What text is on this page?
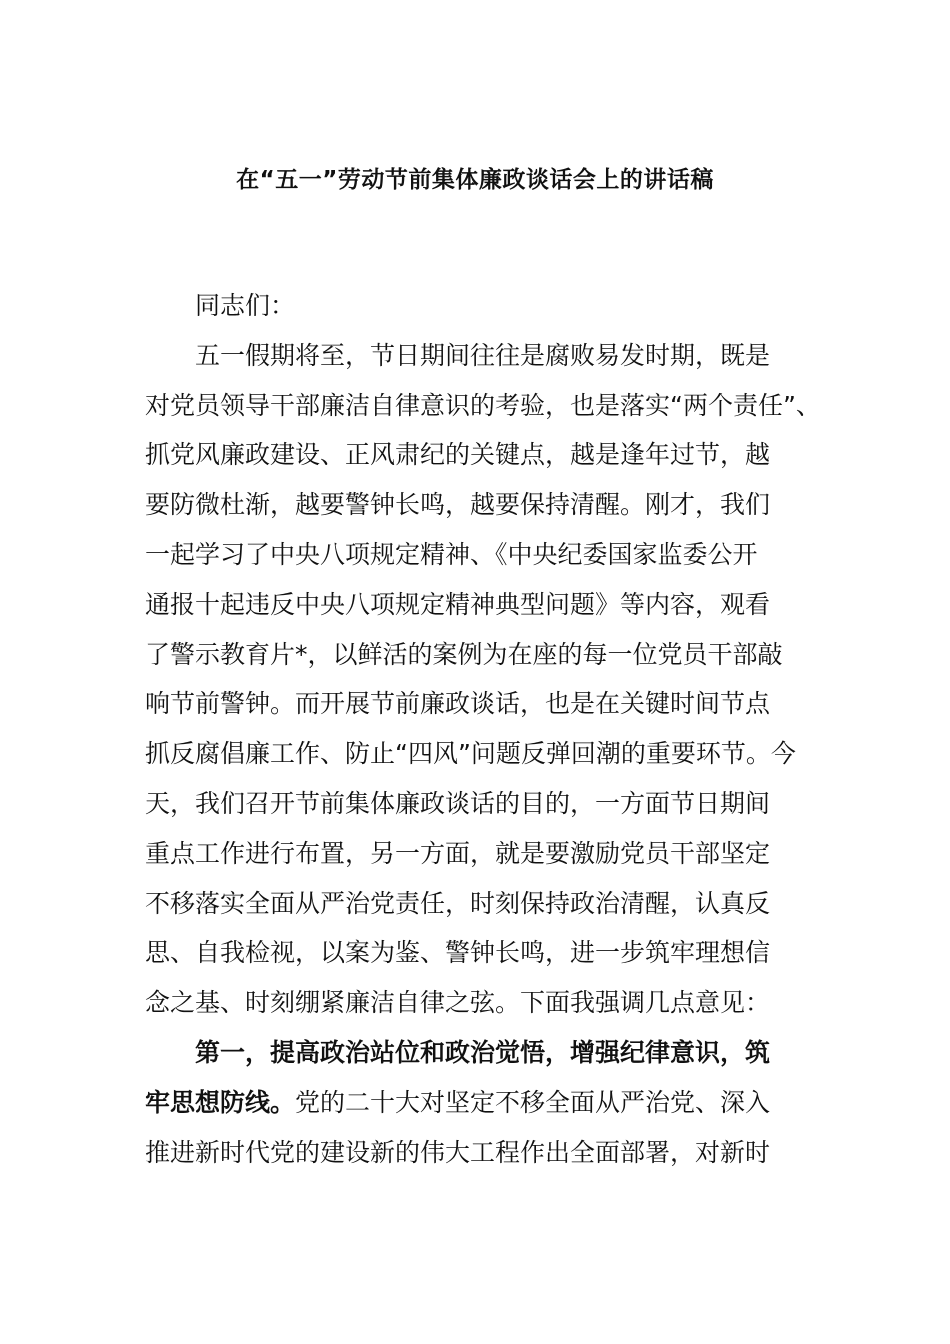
在“五一”劳动节前集体廉政谈话会上的讲话稿
同志们：
五一假期将至，节日期间往往是腐败易发时期，既是
对党员领导干部廉洁自律意识的考验，也是落实“两个责任”、
抓党风廉政建设、正风肃纪的关键点，越是逢年过节，越
要防微杜渐，越要警钟长鸣，越要保持清醒。刚才，我们
一起学习了中央八项规定精神、《中央纪委国家监委公开
通报十起违反中央八项规定精神典型问题》等内容，观看
了警示教育片*，以鲜活的案例为在座的每一位党员干部敲
响节前警钟。而开展节前廉政谈话，也是在关键时间节点
抓反腐倡廉工作、防止“四风”问题反弹回潮的重要环节。今
天，我们召开节前集体廉政谈话的目的，一方面节日期间
重点工作进行布置，另一方面，就是要激励党员干部坚定
不移落实全面从严治党责任，时刻保持政治清醒，认真反
思、自我检视，以案为鉴、警钟长鸣，进一步筑牢理想信
念之基、时刻绷紧廉洁自律之弦。下面我强调几点意见：
第一，提高政治站位和政治觉悟，增强纪律意识，筑
牢思想防线。党的二十大对坚定不移全面从严治党、深入
推进新时代党的建设新的伟大工程作出全面部署，对新时
